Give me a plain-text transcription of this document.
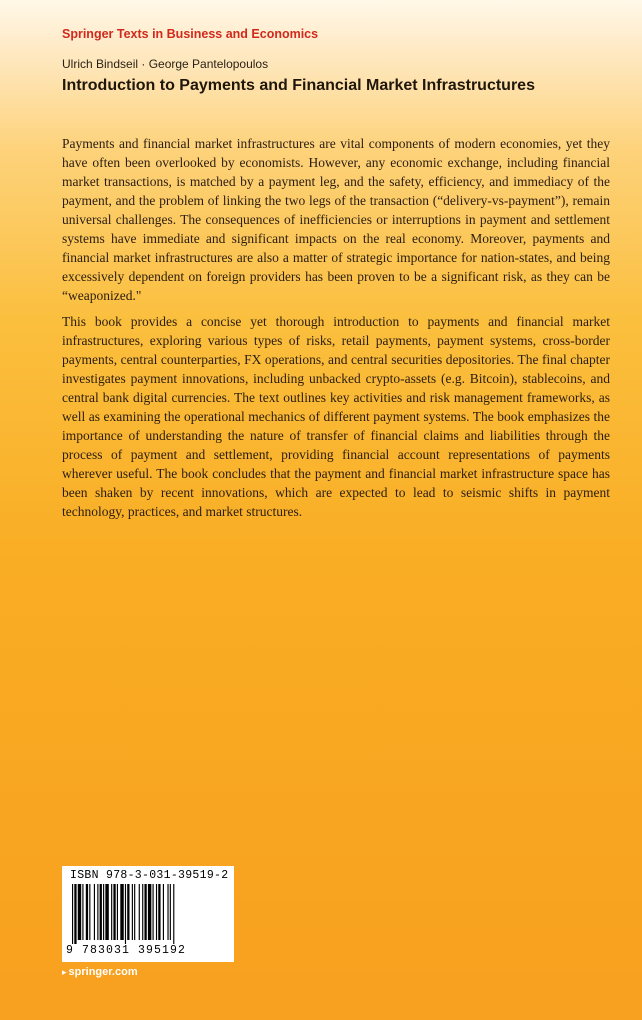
Springer Texts in Business and Economics
Ulrich Bindseil · George Pantelopoulos
Introduction to Payments and Financial Market Infrastructures

Payments and financial market infrastructures are vital components of modern economies, yet they have often been overlooked by economists. However, any economic exchange, including financial market transactions, is matched by a payment leg, and the safety, efficiency, and immediacy of the payment, and the problem of linking the two legs of the transaction (“delivery-vs-payment”), remain universal challenges. The consequences of inefficiencies or interruptions in payment and settlement systems have immediate and significant impacts on the real economy. Moreover, payments and financial market infrastructures are also a matter of strategic importance for nation-states, and being excessively dependent on foreign providers has been proven to be a significant risk, as they can be “weaponized."

This book provides a concise yet thorough introduction to payments and financial market infrastructures, exploring various types of risks, retail payments, payment systems, cross-border payments, central counterparties, FX operations, and central securities depositories. The final chapter investigates payment innovations, including unbacked crypto-assets (e.g. Bitcoin), stablecoins, and central bank digital currencies. The text outlines key activities and risk management frameworks, as well as examining the operational mechanics of different payment systems. The book emphasizes the importance of understanding the nature of transfer of financial claims and liabilities through the process of payment and settlement, providing financial account representations of payments wherever useful. The book concludes that the payment and financial market infrastructure space has been shaken by recent innovations, which are expected to lead to seismic shifts in payment technology, practices, and market structures.

ISBN 978-3-031-39519-2
9 783031 395192
▸ springer.com
